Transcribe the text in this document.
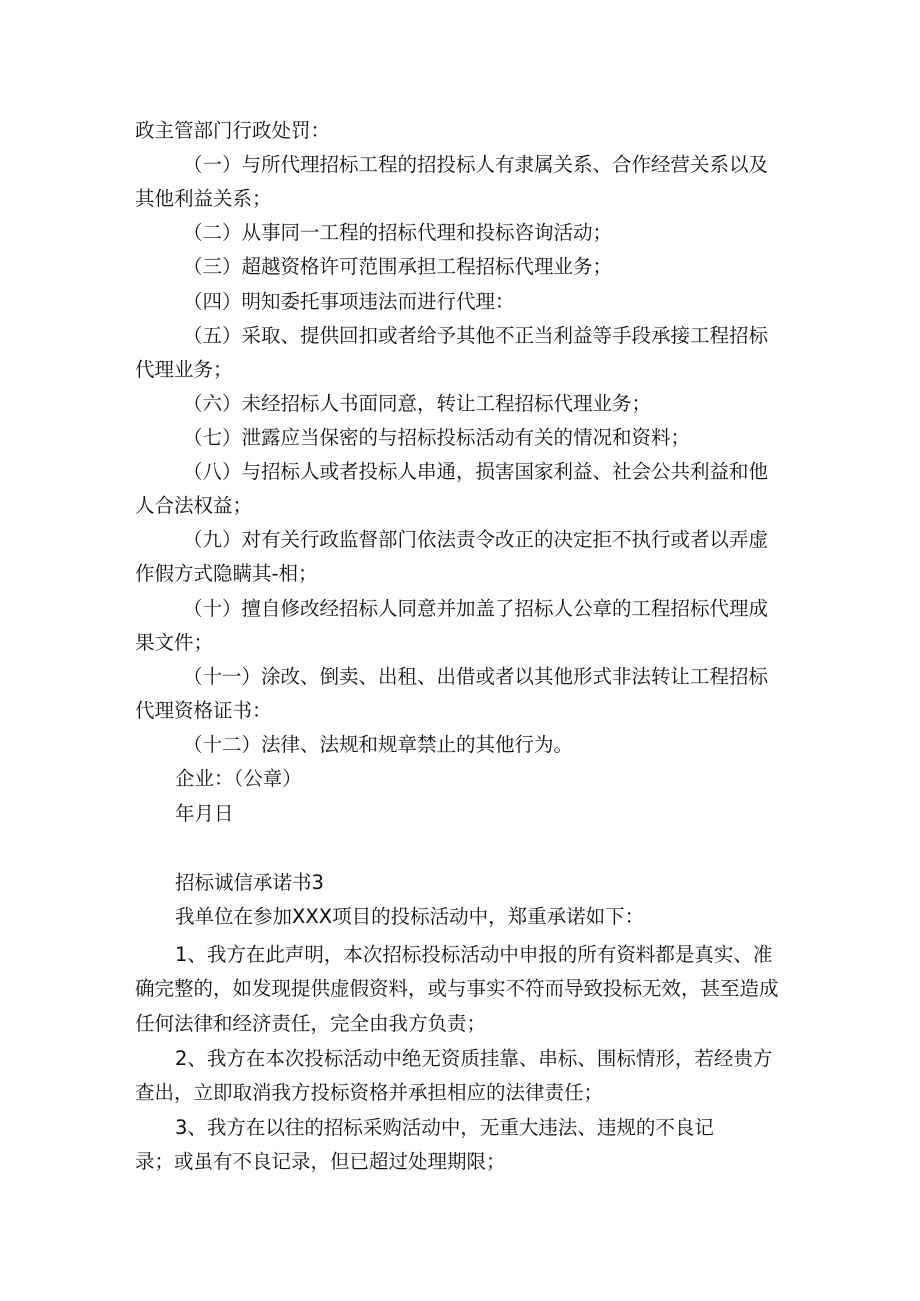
政主管部门行政处罚：
（一）与所代理招标工程的招投标人有隶属关系、合作经营关系以及
其他利益关系；
（二）从事同一工程的招标代理和投标咨询活动；
（三）超越资格许可范围承担工程招标代理业务；
（四）明知委托事项违法而进行代理：
（五）采取、提供回扣或者给予其他不正当利益等手段承接工程招标
代理业务；
（六）未经招标人书面同意，转让工程招标代理业务；
（七）泄露应当保密的与招标投标活动有关的情况和资料；
（八）与招标人或者投标人串通，损害国家利益、社会公共利益和他
人合法权益；
（九）对有关行政监督部门依法责令改正的决定拒不执行或者以弄虚
作假方式隐瞒其-相；
（十）擅自修改经招标人同意并加盖了招标人公章的工程招标代理成
果文件；
（十一）涂改、倒卖、出租、出借或者以其他形式非法转让工程招标
代理资格证书：
（十二）法律、法规和规章禁止的其他行为。
企业：（公章）
年月日
招标诚信承诺书3
我单位在参加XXX项目的投标活动中，郑重承诺如下：
1、我方在此声明，本次招标投标活动中申报的所有资料都是真实、准
确完整的，如发现提供虚假资料，或与事实不符而导致投标无效，甚至造成
任何法律和经济责任，完全由我方负责；
2、我方在本次投标活动中绝无资质挂靠、串标、围标情形，若经贵方
查出，立即取消我方投标资格并承担相应的法律责任；
3、我方在以往的招标采购活动中，无重大违法、违规的不良记
录；或虽有不良记录，但已超过处理期限；
